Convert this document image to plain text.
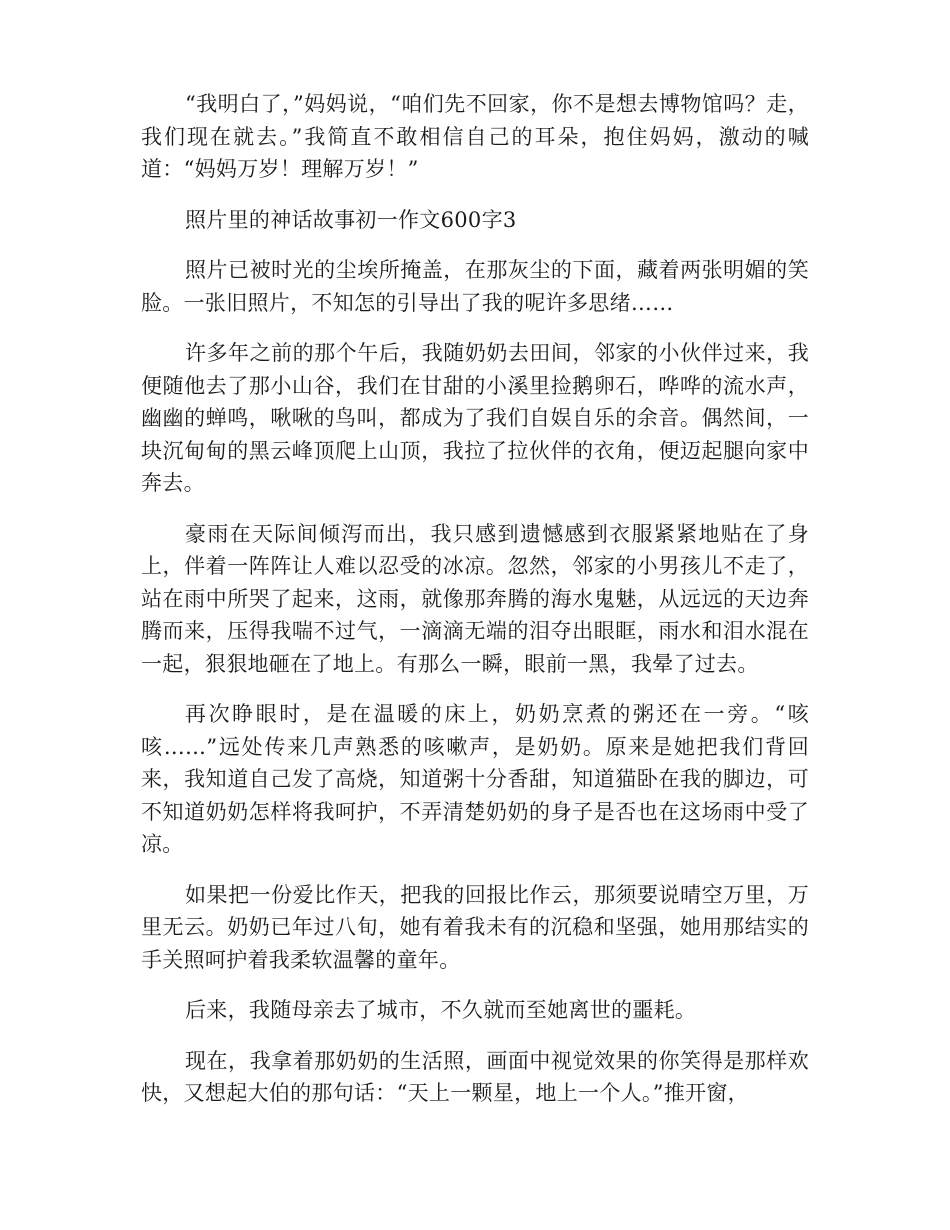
“我明白了，”妈妈说，“咱们先不回家，你不是想去博物馆吗？走，我们现在就去。”我简直不敢相信自己的耳朵，抱住妈妈，激动的喊道：“妈妈万岁！理解万岁！”

照片里的神话故事初一作文600字3

照片已被时光的尘埃所掩盖，在那灰尘的下面，藏着两张明媚的笑脸。一张旧照片，不知怎的引导出了我的呢许多思绪……

许多年之前的那个午后，我随奶奶去田间，邻家的小伙伴过来，我便随他去了那小山谷，我们在甘甜的小溪里捡鹅卵石，哗哗的流水声，幽幽的蝉鸣，啾啾的鸟叫，都成为了我们自娱自乐的余音。偶然间，一块沉甸甸的黑云峰顶爬上山顶，我拉了拉伙伴的衣角，便迈起腿向家中奔去。

豪雨在天际间倾泻而出，我只感到遗憾感到衣服紧紧地贴在了身上，伴着一阵阵让人难以忍受的冰凉。忽然，邻家的小男孩儿不走了，站在雨中所哭了起来，这雨，就像那奔腾的海水鬼魅，从远远的天边奔腾而来，压得我喘不过气，一滴滴无端的泪夺出眼眶，雨水和泪水混在一起，狠狠地砸在了地上。有那么一瞬，眼前一黑，我晕了过去。

再次睁眼时，是在温暖的床上，奶奶烹煮的粥还在一旁。“咳咳……”远处传来几声熟悉的咳嗽声，是奶奶。原来是她把我们背回来，我知道自己发了高烧，知道粥十分香甜，知道猫卧在我的脚边，可不知道奶奶怎样将我呵护，不弄清楚奶奶的身子是否也在这场雨中受了凉。

如果把一份爱比作天，把我的回报比作云，那须要说晴空万里，万里无云。奶奶已年过八旬，她有着我未有的沉稳和坚强，她用那结实的手关照呵护着我柔软温馨的童年。

后来，我随母亲去了城市，不久就而至她离世的噩耗。

现在，我拿着那奶奶的生活照，画面中视觉效果的你笑得是那样欢快，又想起大伯的那句话：“天上一颗星，地上一个人。”推开窗，
